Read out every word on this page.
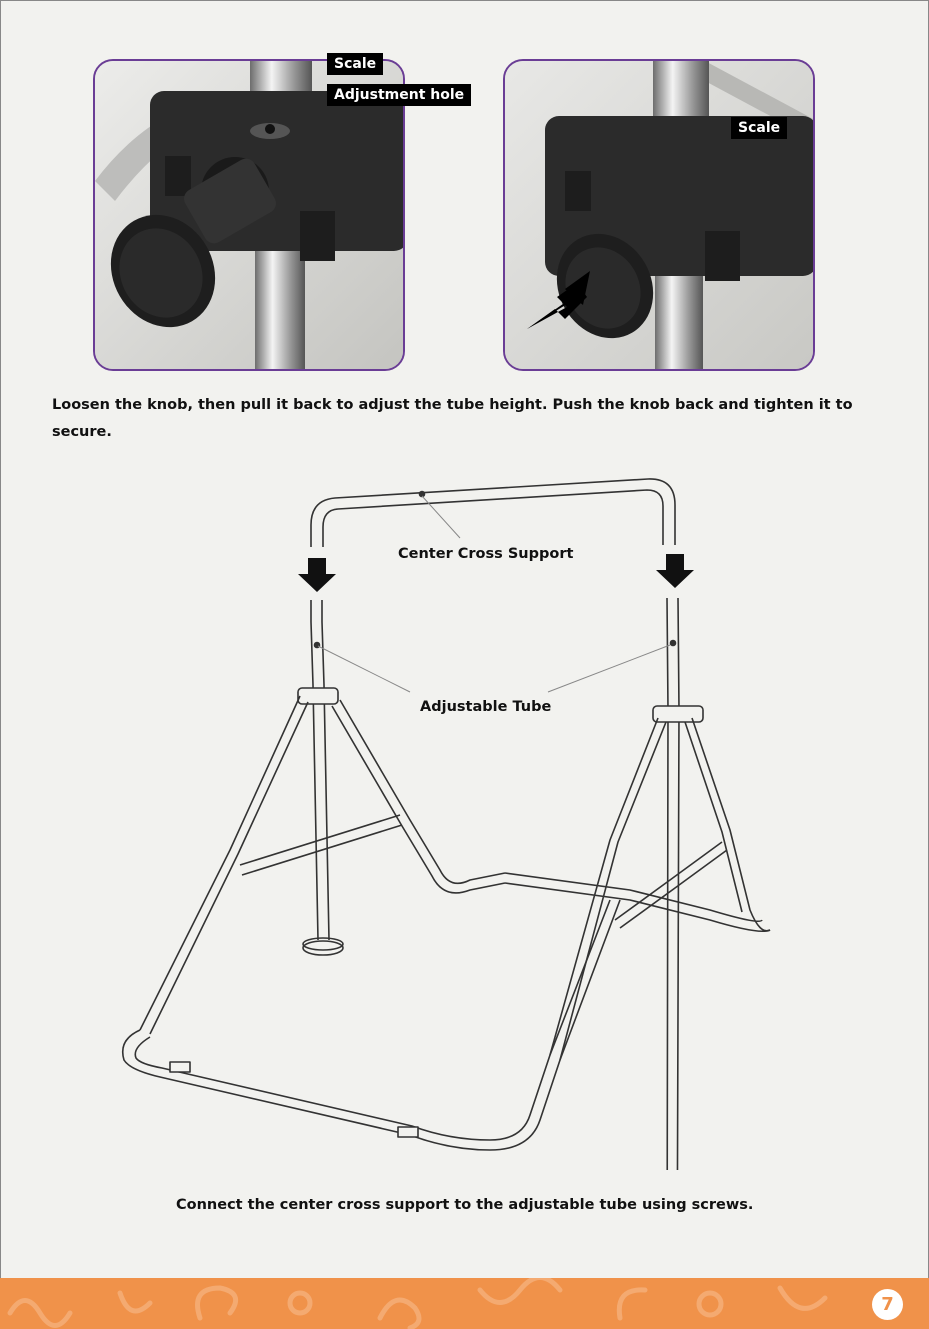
Scale
Adjustment hole
Scale
Loosen the knob, then pull it back to adjust the tube height. Push the knob back and tighten it to secure.
Center Cross Support
Adjustable Tube
Connect the center cross support to the adjustable tube using screws.
7
